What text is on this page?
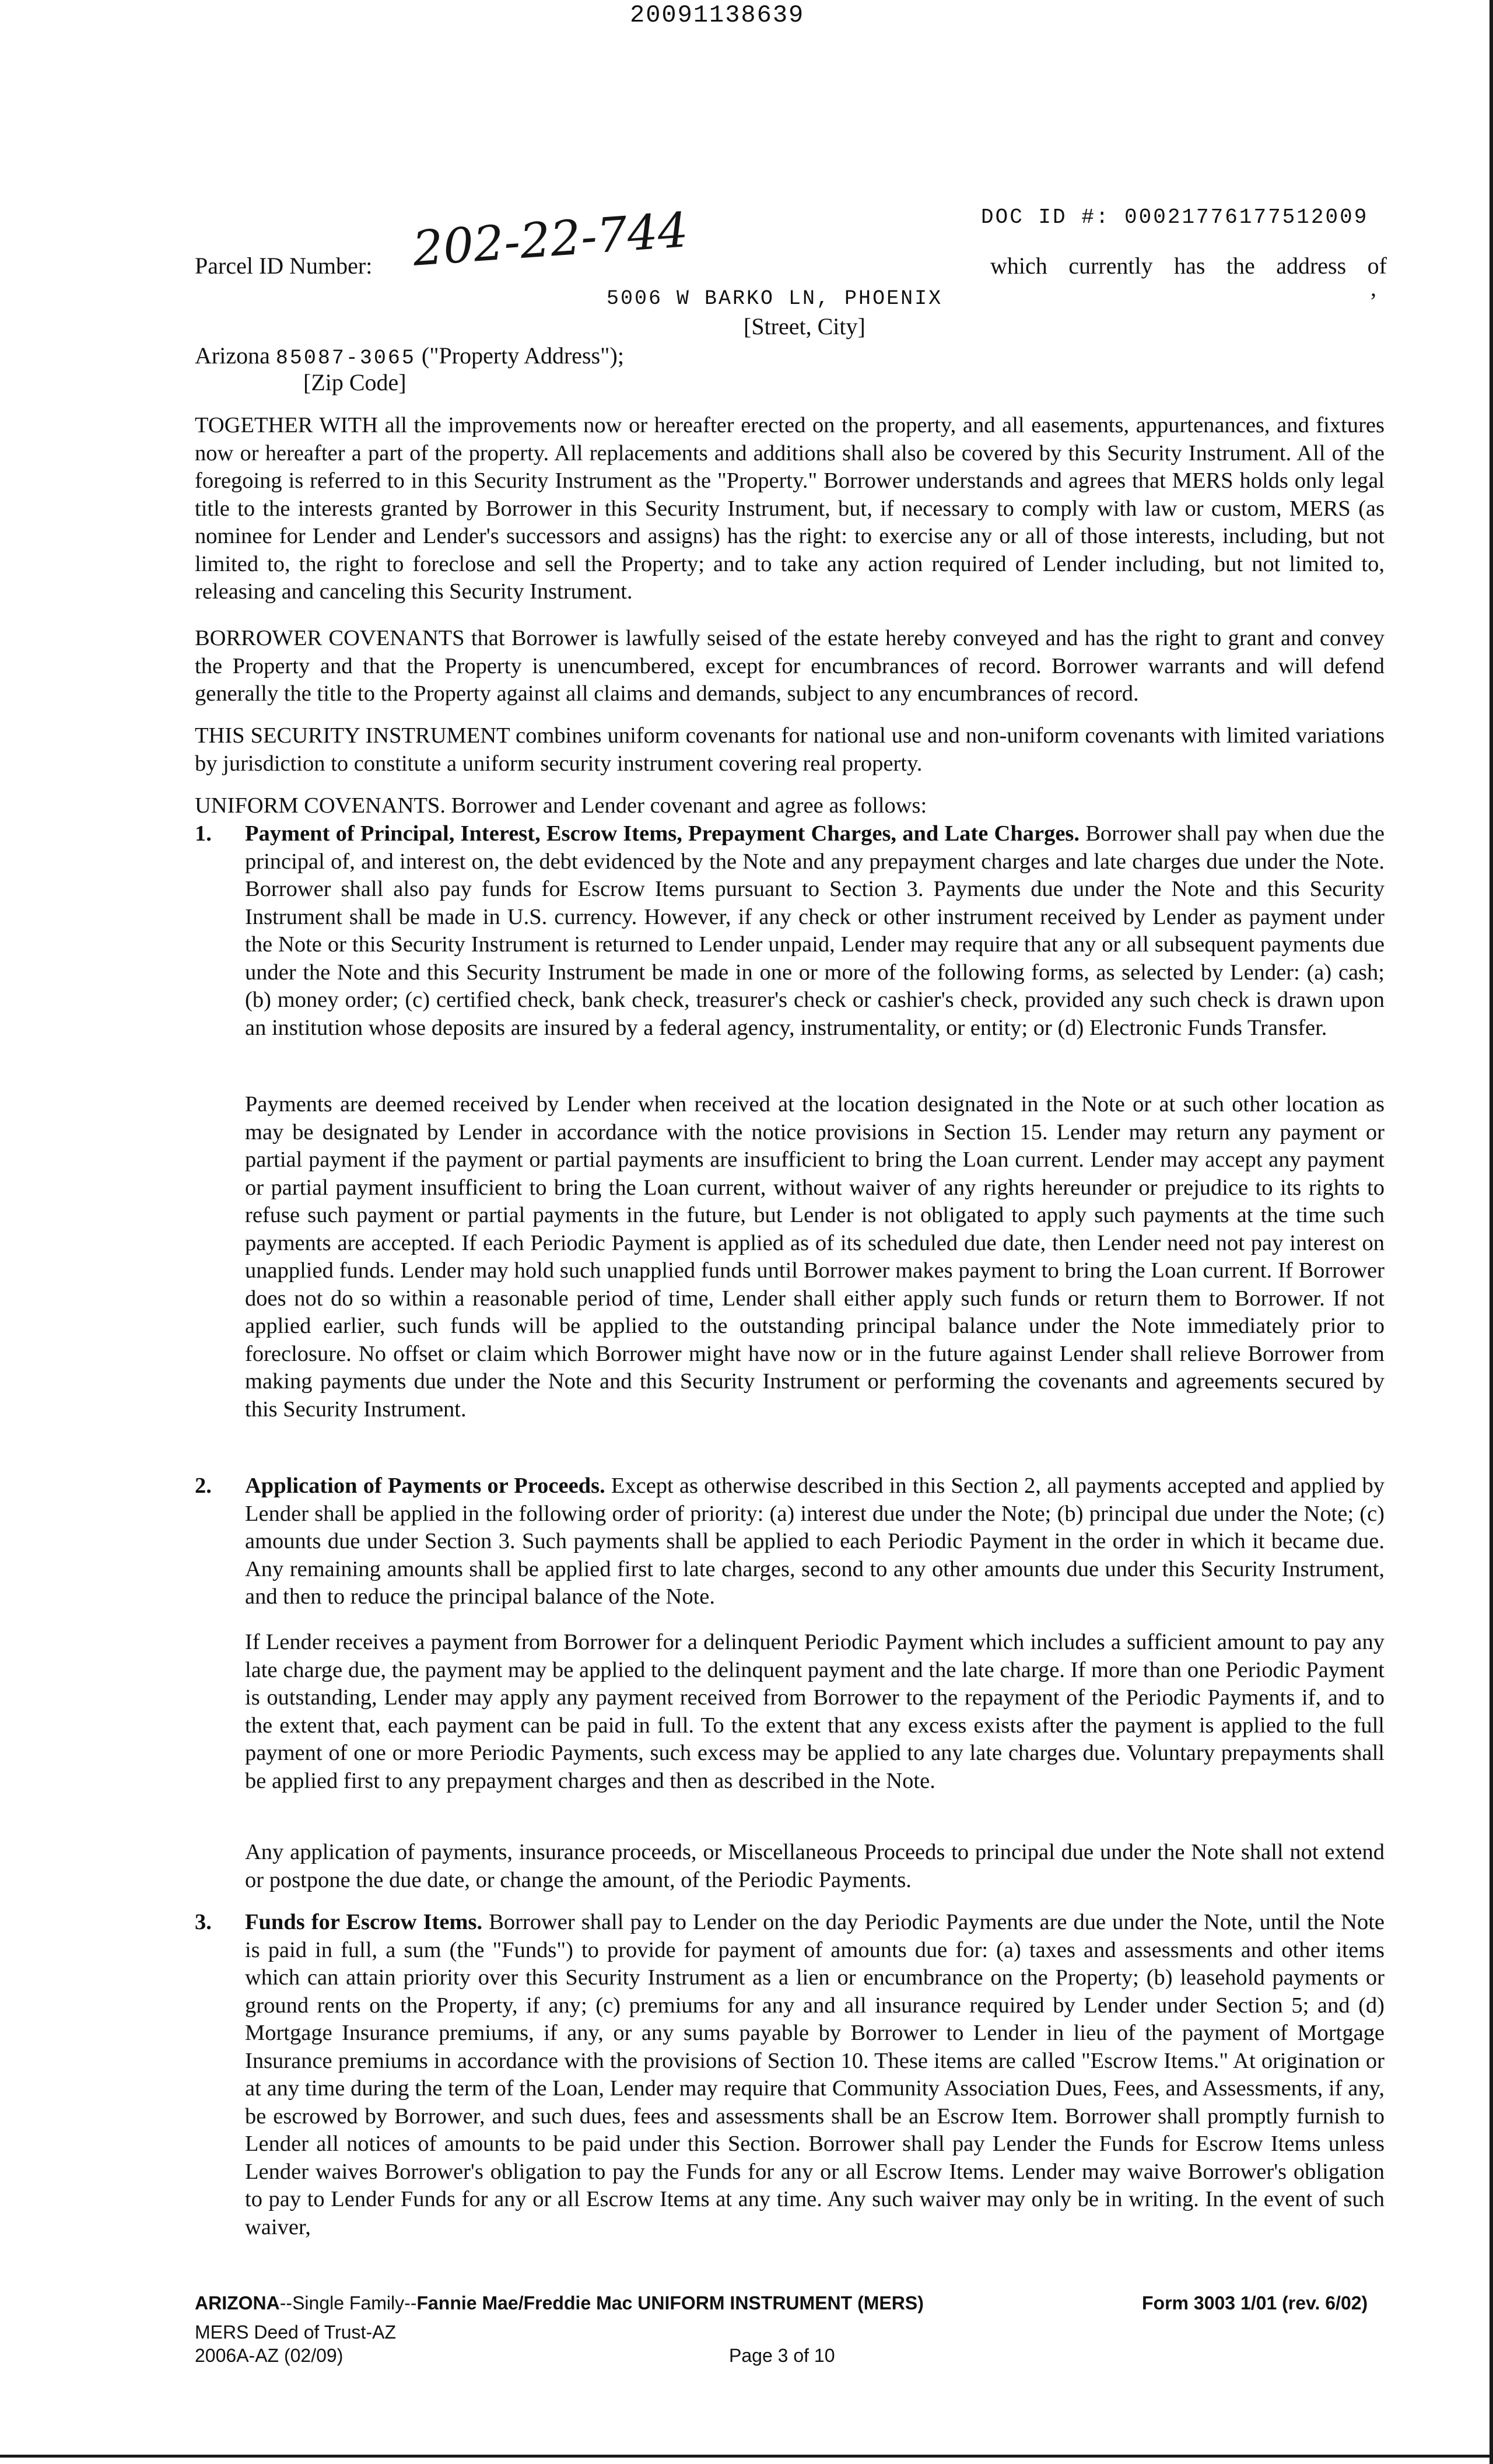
20091138639
DOC ID #: 00021776177512009
Parcel ID Number: 202-22-744	which currently has the address of
,
5006 W BARKO LN, PHOENIX
[Street, City]
Arizona 85087-3065 ("Property Address");
[Zip Code]

TOGETHER WITH all the improvements now or hereafter erected on the property, and all easements, appurtenances, and fixtures now or hereafter a part of the property. All replacements and additions shall also be covered by this Security Instrument. All of the foregoing is referred to in this Security Instrument as the "Property." Borrower understands and agrees that MERS holds only legal title to the interests granted by Borrower in this Security Instrument, but, if necessary to comply with law or custom, MERS (as nominee for Lender and Lender's successors and assigns) has the right: to exercise any or all of those interests, including, but not limited to, the right to foreclose and sell the Property; and to take any action required of Lender including, but not limited to, releasing and canceling this Security Instrument.

BORROWER COVENANTS that Borrower is lawfully seised of the estate hereby conveyed and has the right to grant and convey the Property and that the Property is unencumbered, except for encumbrances of record. Borrower warrants and will defend generally the title to the Property against all claims and demands, subject to any encumbrances of record.

THIS SECURITY INSTRUMENT combines uniform covenants for national use and non-uniform covenants with limited variations by jurisdiction to constitute a uniform security instrument covering real property.

UNIFORM COVENANTS. Borrower and Lender covenant and agree as follows:

1. Payment of Principal, Interest, Escrow Items, Prepayment Charges, and Late Charges. Borrower shall pay when due the principal of, and interest on, the debt evidenced by the Note and any prepayment charges and late charges due under the Note. Borrower shall also pay funds for Escrow Items pursuant to Section 3. Payments due under the Note and this Security Instrument shall be made in U.S. currency. However, if any check or other instrument received by Lender as payment under the Note or this Security Instrument is returned to Lender unpaid, Lender may require that any or all subsequent payments due under the Note and this Security Instrument be made in one or more of the following forms, as selected by Lender: (a) cash; (b) money order; (c) certified check, bank check, treasurer's check or cashier's check, provided any such check is drawn upon an institution whose deposits are insured by a federal agency, instrumentality, or entity; or (d) Electronic Funds Transfer.

Payments are deemed received by Lender when received at the location designated in the Note or at such other location as may be designated by Lender in accordance with the notice provisions in Section 15. Lender may return any payment or partial payment if the payment or partial payments are insufficient to bring the Loan current. Lender may accept any payment or partial payment insufficient to bring the Loan current, without waiver of any rights hereunder or prejudice to its rights to refuse such payment or partial payments in the future, but Lender is not obligated to apply such payments at the time such payments are accepted. If each Periodic Payment is applied as of its scheduled due date, then Lender need not pay interest on unapplied funds. Lender may hold such unapplied funds until Borrower makes payment to bring the Loan current. If Borrower does not do so within a reasonable period of time, Lender shall either apply such funds or return them to Borrower. If not applied earlier, such funds will be applied to the outstanding principal balance under the Note immediately prior to foreclosure. No offset or claim which Borrower might have now or in the future against Lender shall relieve Borrower from making payments due under the Note and this Security Instrument or performing the covenants and agreements secured by this Security Instrument.

2. Application of Payments or Proceeds. Except as otherwise described in this Section 2, all payments accepted and applied by Lender shall be applied in the following order of priority: (a) interest due under the Note; (b) principal due under the Note; (c) amounts due under Section 3. Such payments shall be applied to each Periodic Payment in the order in which it became due. Any remaining amounts shall be applied first to late charges, second to any other amounts due under this Security Instrument, and then to reduce the principal balance of the Note.

If Lender receives a payment from Borrower for a delinquent Periodic Payment which includes a sufficient amount to pay any late charge due, the payment may be applied to the delinquent payment and the late charge. If more than one Periodic Payment is outstanding, Lender may apply any payment received from Borrower to the repayment of the Periodic Payments if, and to the extent that, each payment can be paid in full. To the extent that any excess exists after the payment is applied to the full payment of one or more Periodic Payments, such excess may be applied to any late charges due. Voluntary prepayments shall be applied first to any prepayment charges and then as described in the Note.

Any application of payments, insurance proceeds, or Miscellaneous Proceeds to principal due under the Note shall not extend or postpone the due date, or change the amount, of the Periodic Payments.

3. Funds for Escrow Items. Borrower shall pay to Lender on the day Periodic Payments are due under the Note, until the Note is paid in full, a sum (the "Funds") to provide for payment of amounts due for: (a) taxes and assessments and other items which can attain priority over this Security Instrument as a lien or encumbrance on the Property; (b) leasehold payments or ground rents on the Property, if any; (c) premiums for any and all insurance required by Lender under Section 5; and (d) Mortgage Insurance premiums, if any, or any sums payable by Borrower to Lender in lieu of the payment of Mortgage Insurance premiums in accordance with the provisions of Section 10. These items are called "Escrow Items." At origination or at any time during the term of the Loan, Lender may require that Community Association Dues, Fees, and Assessments, if any, be escrowed by Borrower, and such dues, fees and assessments shall be an Escrow Item. Borrower shall promptly furnish to Lender all notices of amounts to be paid under this Section. Borrower shall pay Lender the Funds for Escrow Items unless Lender waives Borrower's obligation to pay the Funds for any or all Escrow Items. Lender may waive Borrower's obligation to pay to Lender Funds for any or all Escrow Items at any time. Any such waiver may only be in writing. In the event of such waiver,

ARIZONA--Single Family--Fannie Mae/Freddie Mac UNIFORM INSTRUMENT (MERS)	Form 3003 1/01 (rev. 6/02)
MERS Deed of Trust-AZ
2006A-AZ (02/09)	Page 3 of 10
